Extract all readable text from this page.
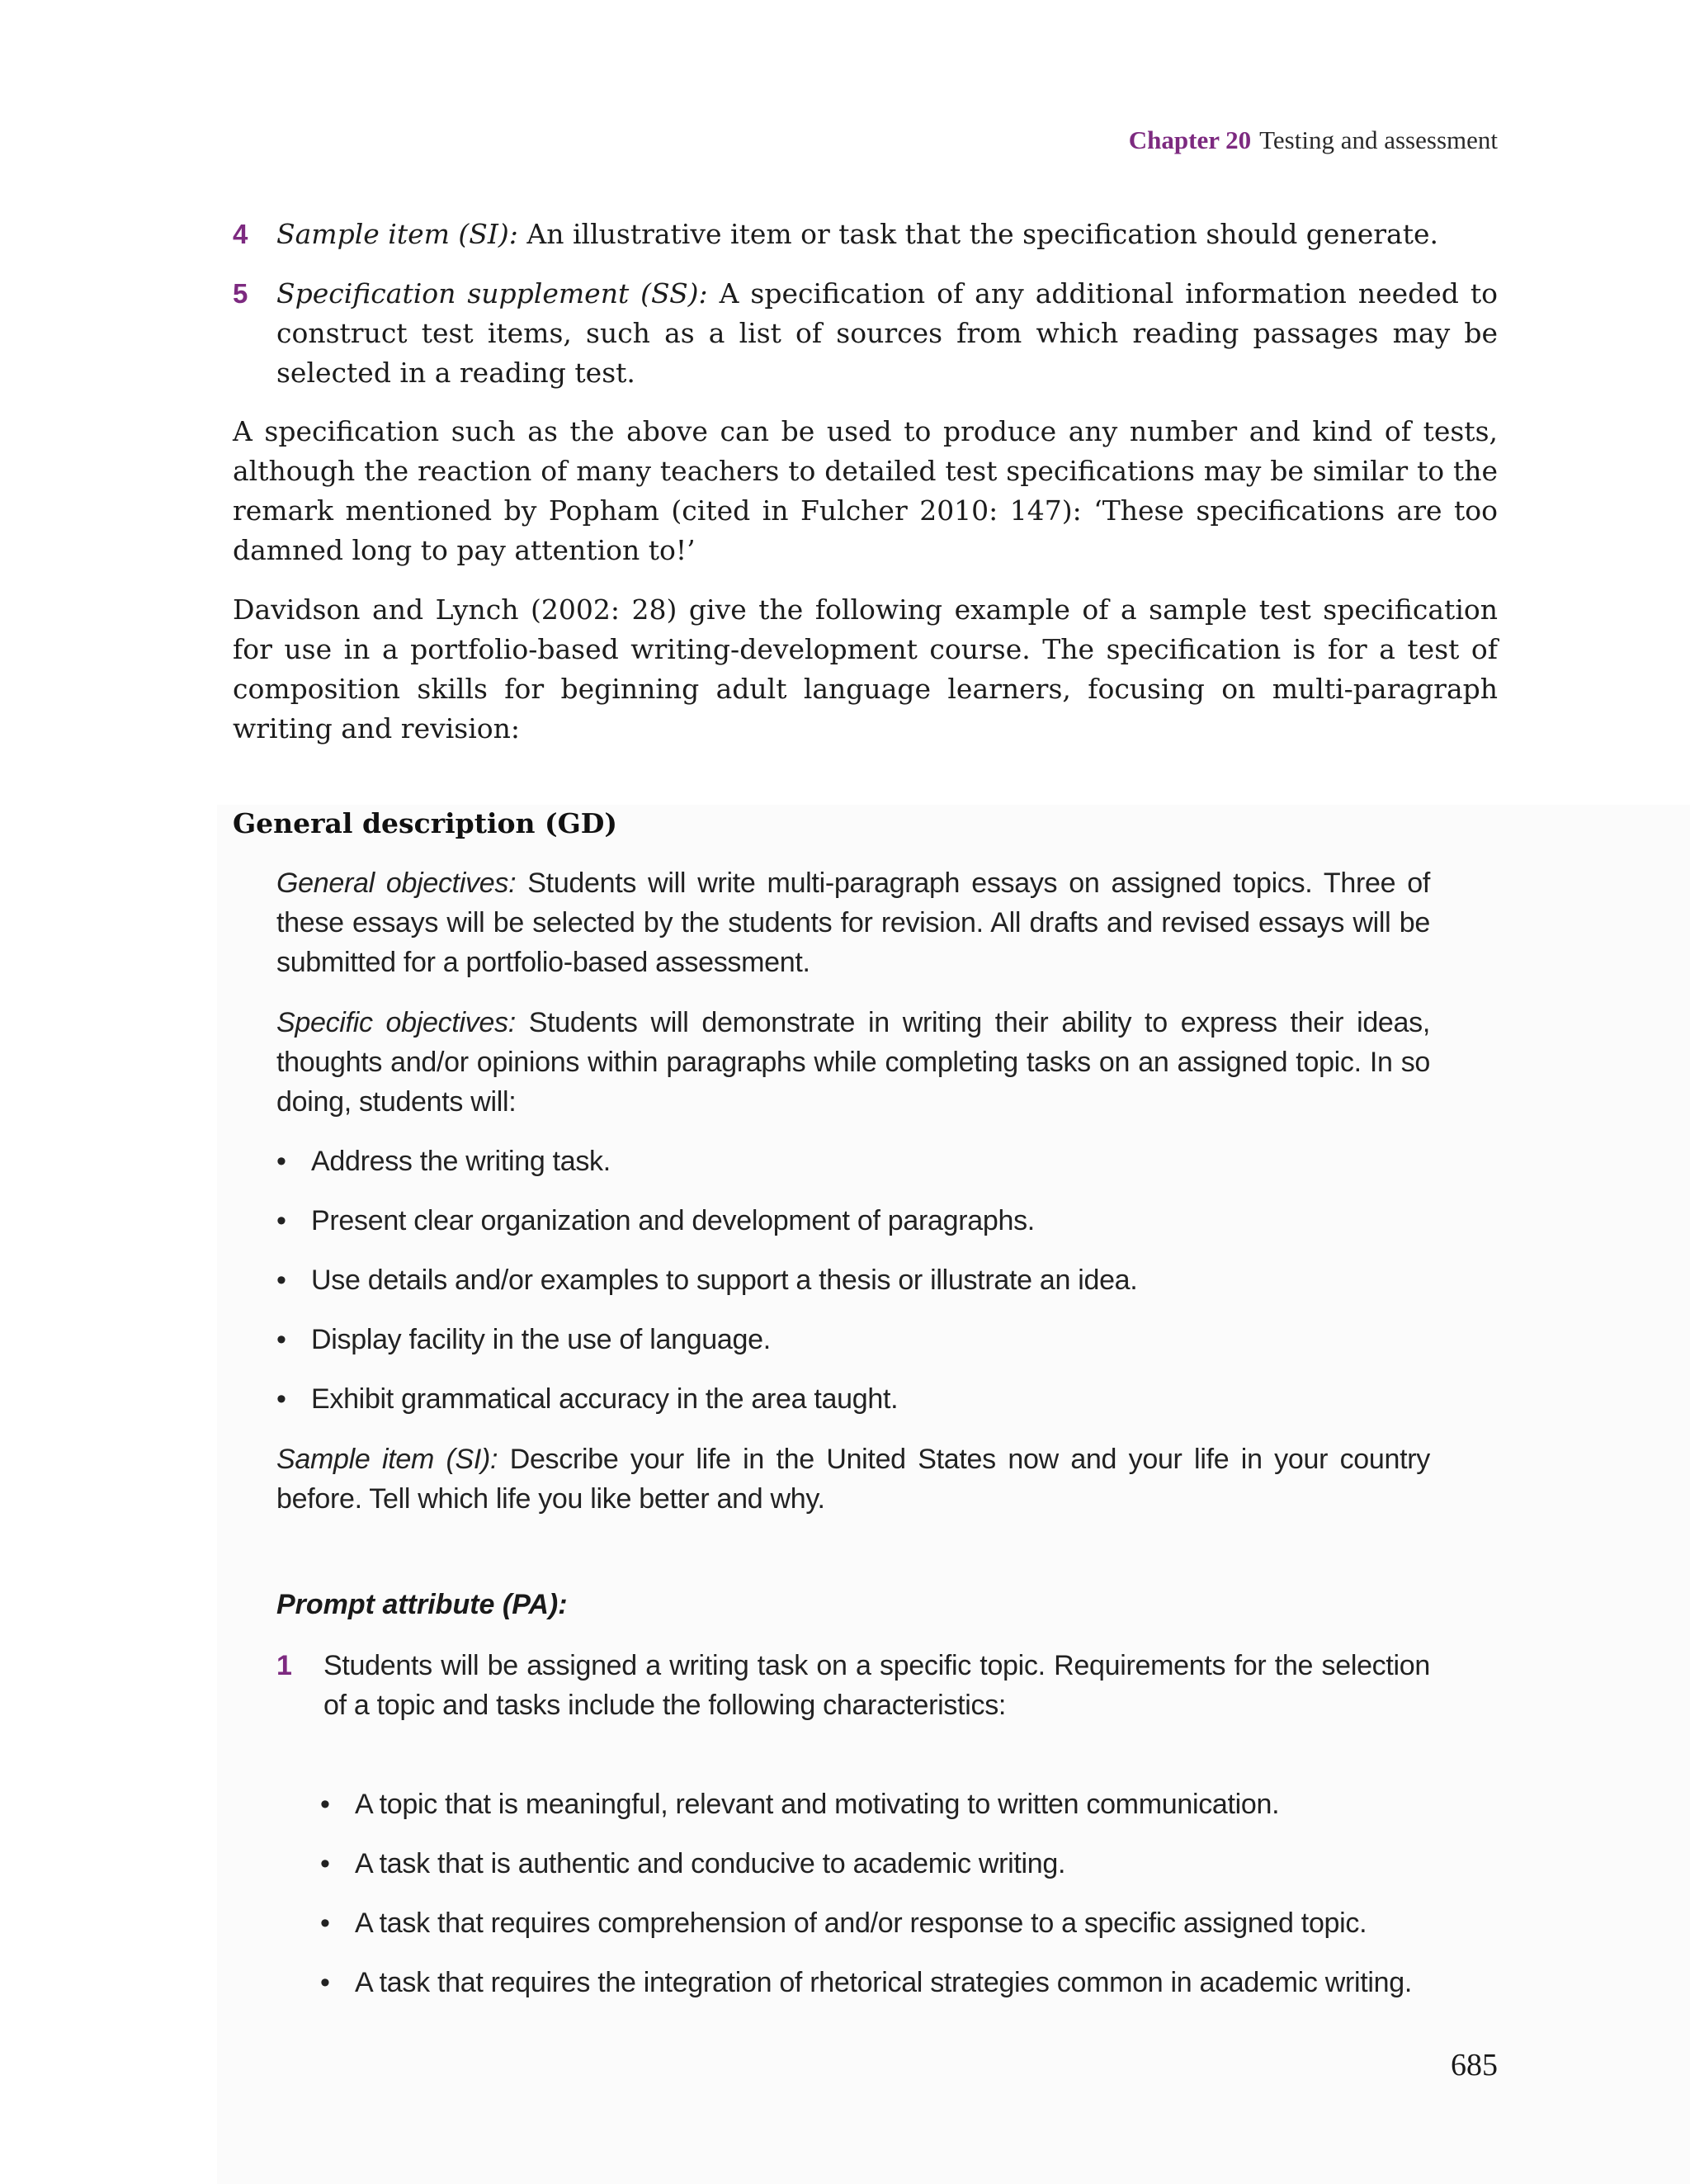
Chapter 20 Testing and assessment
4	Sample item (SI): An illustrative item or task that the specification should generate.
5	Specification supplement (SS): A specification of any additional information needed to construct test items, such as a list of sources from which reading passages may be selected in a reading test.
A specification such as the above can be used to produce any number and kind of tests, although the reaction of many teachers to detailed test specifications may be similar to the remark mentioned by Popham (cited in Fulcher 2010: 147): ‘These specifications are too damned long to pay attention to!’
Davidson and Lynch (2002: 28) give the following example of a sample test specification for use in a portfolio-based writing-development course. The specification is for a test of composition skills for beginning adult language learners, focusing on multi-paragraph writing and revision:
General description (GD)
General objectives: Students will write multi-paragraph essays on assigned topics. Three of these essays will be selected by the students for revision. All drafts and revised essays will be submitted for a portfolio-based assessment.
Specific objectives: Students will demonstrate in writing their ability to express their ideas, thoughts and/or opinions within paragraphs while completing tasks on an assigned topic. In so doing, students will:
• Address the writing task.
• Present clear organization and development of paragraphs.
• Use details and/or examples to support a thesis or illustrate an idea.
• Display facility in the use of language.
• Exhibit grammatical accuracy in the area taught.
Sample item (SI): Describe your life in the United States now and your life in your country before. Tell which life you like better and why.
Prompt attribute (PA):
1 Students will be assigned a writing task on a specific topic. Requirements for the selection of a topic and tasks include the following characteristics:
• A topic that is meaningful, relevant and motivating to written communication.
• A task that is authentic and conducive to academic writing.
• A task that requires comprehension of and/or response to a specific assigned topic.
• A task that requires the integration of rhetorical strategies common in academic writing.
685
